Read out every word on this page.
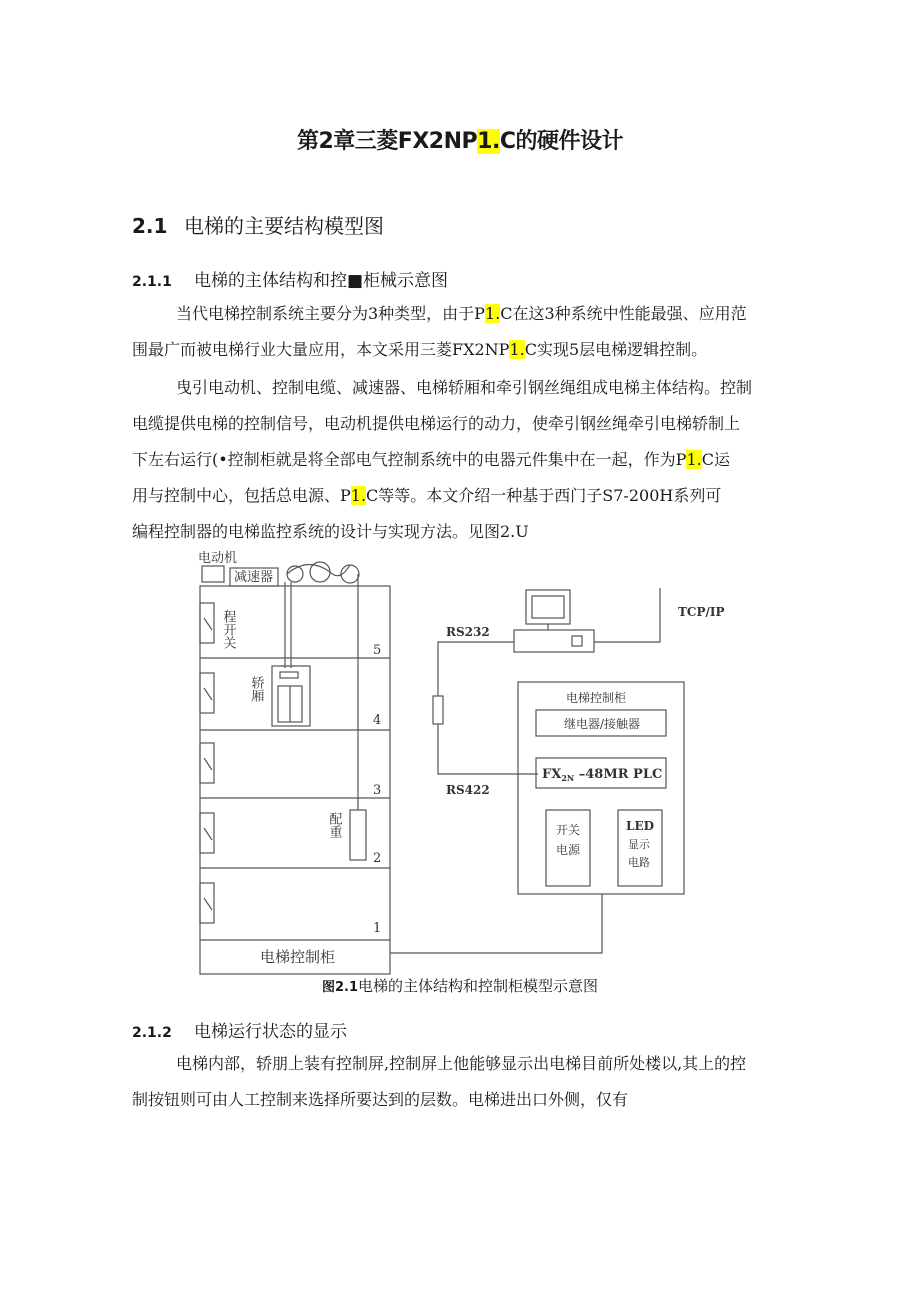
第2章三菱FX2NP1.C的硬件设计
2.1 电梯的主要结构模型图
2.1.1 电梯的主体结构和控■柜械示意图
当代电梯控制系统主要分为3种类型，由于P1.C在这3种系统中性能最强、应用范
围最广而被电梯行业大量应用，本文采用三菱FX2NP1.C实现5层电梯逻辑控制。
曳引电动机、控制电缆、减速器、电梯轿厢和牵引钢丝绳组成电梯主体结构。控制
电缆提供电梯的控制信号，电动机提供电梯运行的动力，使牵引钢丝绳牵引电梯轿制上
下左右运行(•控制柜就是将全部电气控制系统中的电器元件集中在一起，作为P1.C运
用与控制中心，包括总电源、P1.C等等。本文介绍一种基于西门子S7-200H系列可
编程控制器的电梯监控系统的设计与实现方法。见图2.U
电动机
减速器
程开关
轿厢
配重
5
4
3
2
1
电梯控制柜
RS232
RS422
TCP/IP
电梯控制柜
继电器/接触器
$FX_{2N}$ –48MR PLC
开关
电源
LED
显示
电路
图2.1电梯的主体结构和控制柜模型示意图
2.1.2 电梯运行状态的显示
电梯内部，轿朋上装有控制屏,控制屏上他能够显示出电梯目前所处楼以,其上的控
制按钮则可由人工控制来选择所要达到的层数。电梯进出口外侧，仅有
